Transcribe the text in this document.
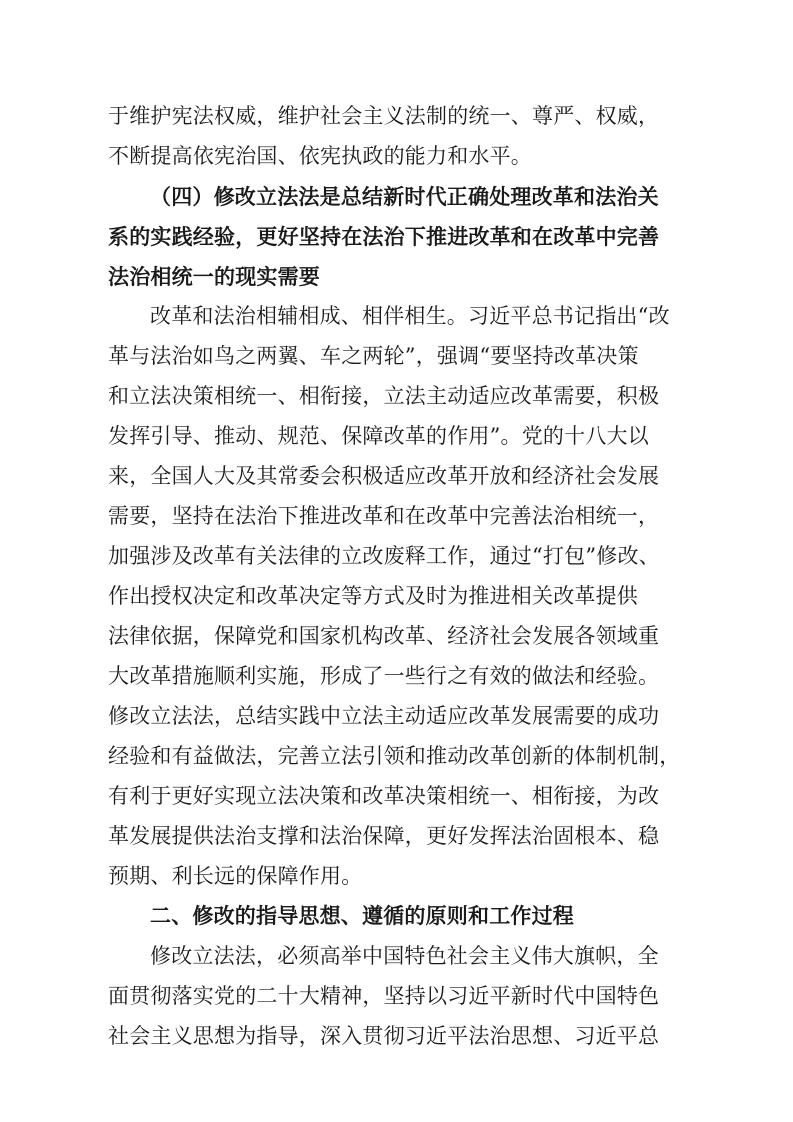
于维护宪法权威，维护社会主义法制的统一、尊严、权威，
不断提高依宪治国、依宪执政的能力和水平。
（四）修改立法法是总结新时代正确处理改革和法治关
系的实践经验，更好坚持在法治下推进改革和在改革中完善
法治相统一的现实需要
改革和法治相辅相成、相伴相生。习近平总书记指出“改
革与法治如鸟之两翼、车之两轮”，强调“要坚持改革决策
和立法决策相统一、相衔接，立法主动适应改革需要，积极
发挥引导、推动、规范、保障改革的作用”。党的十八大以
来，全国人大及其常委会积极适应改革开放和经济社会发展
需要，坚持在法治下推进改革和在改革中完善法治相统一，
加强涉及改革有关法律的立改废释工作，通过“打包”修改、
作出授权决定和改革决定等方式及时为推进相关改革提供
法律依据，保障党和国家机构改革、经济社会发展各领域重
大改革措施顺利实施，形成了一些行之有效的做法和经验。
修改立法法，总结实践中立法主动适应改革发展需要的成功
经验和有益做法，完善立法引领和推动改革创新的体制机制，
有利于更好实现立法决策和改革决策相统一、相衔接，为改
革发展提供法治支撑和法治保障，更好发挥法治固根本、稳
预期、利长远的保障作用。
二、修改的指导思想、遵循的原则和工作过程
修改立法法，必须高举中国特色社会主义伟大旗帜，全
面贯彻落实党的二十大精神，坚持以习近平新时代中国特色
社会主义思想为指导，深入贯彻习近平法治思想、习近平总
